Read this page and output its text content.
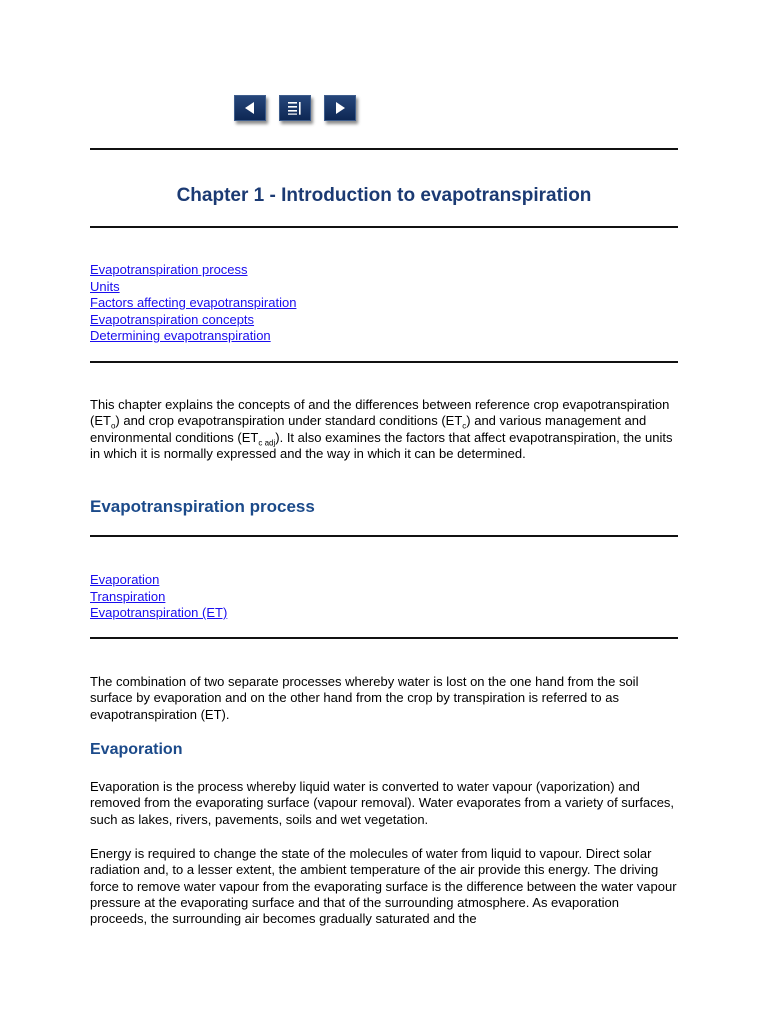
Chapter 1 - Introduction to evapotranspiration
Evapotranspiration process
Units
Factors affecting evapotranspiration
Evapotranspiration concepts
Determining evapotranspiration

This chapter explains the concepts of and the differences between reference crop evapotranspiration $(ET_o)$ and crop evapotranspiration under standard conditions $(ET_c)$ and various management and environmental conditions $(ET_{c adj})$. It also examines the factors that affect evapotranspiration, the units in which it is normally expressed and the way in which it can be determined.

Evapotranspiration process
Evaporation
Transpiration
Evapotranspiration (ET)

The combination of two separate processes whereby water is lost on the one hand from the soil surface by evaporation and on the other hand from the crop by transpiration is referred to as evapotranspiration (ET).

Evaporation

Evaporation is the process whereby liquid water is converted to water vapour (vaporization) and removed from the evaporating surface (vapour removal). Water evaporates from a variety of surfaces, such as lakes, rivers, pavements, soils and wet vegetation.

Energy is required to change the state of the molecules of water from liquid to vapour. Direct solar radiation and, to a lesser extent, the ambient temperature of the air provide this energy. The driving force to remove water vapour from the evaporating surface is the difference between the water vapour pressure at the evaporating surface and that of the surrounding atmosphere. As evaporation proceeds, the surrounding air becomes gradually saturated and the
